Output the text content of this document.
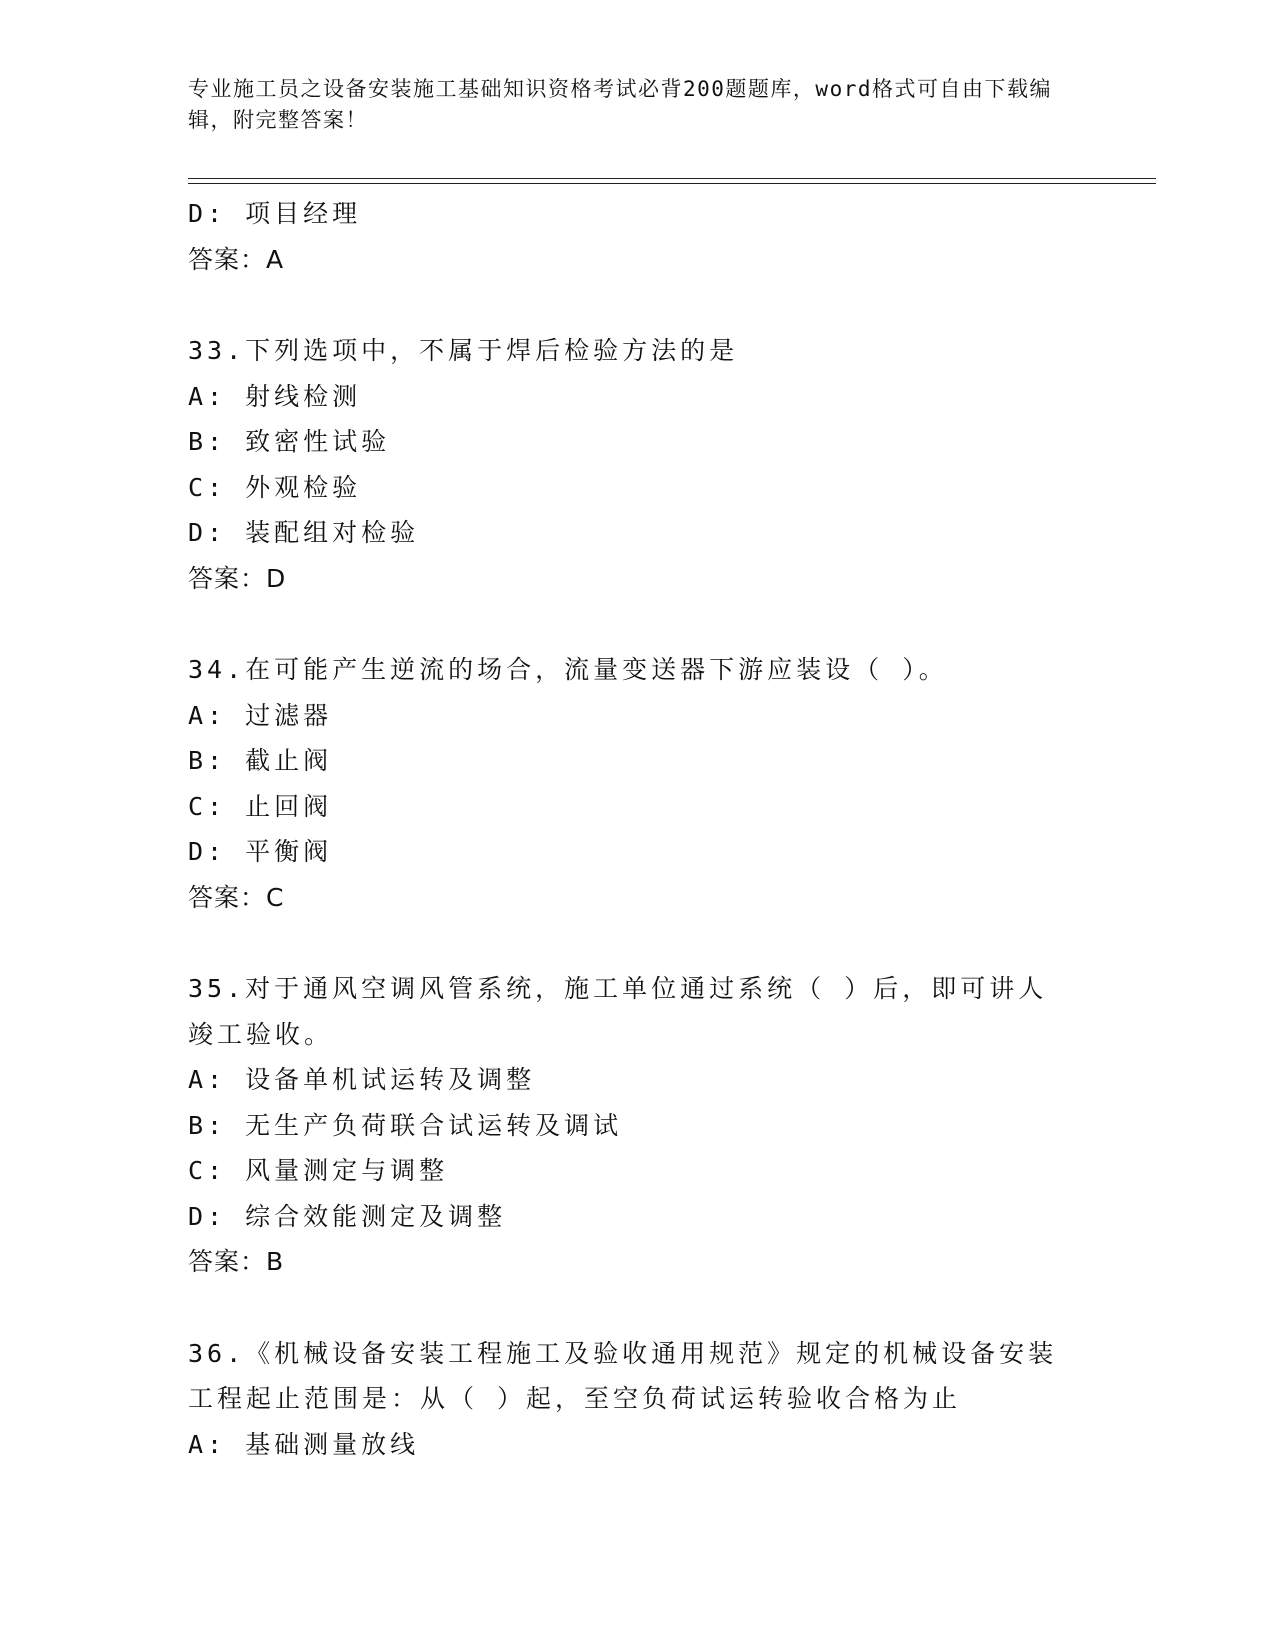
专业施工员之设备安装施工基础知识资格考试必背200题题库，word格式可自由下载编辑，附完整答案！
D: 项目经理
答案：A
33.下列选项中，不属于焊后检验方法的是
A: 射线检测
B: 致密性试验
C: 外观检验
D: 装配组对检验
答案：D
34.在可能产生逆流的场合，流量变送器下游应装设（ ）。
A: 过滤器
B: 截止阀
C: 止回阀
D: 平衡阀
答案：C
35.对于通风空调风管系统，施工单位通过系统（ ）后，即可讲人竣工验收。
A: 设备单机试运转及调整
B: 无生产负荷联合试运转及调试
C: 风量测定与调整
D: 综合效能测定及调整
答案：B
36.《机械设备安装工程施工及验收通用规范》规定的机械设备安装工程起止范围是：从（ ）起，至空负荷试运转验收合格为止
A: 基础测量放线
